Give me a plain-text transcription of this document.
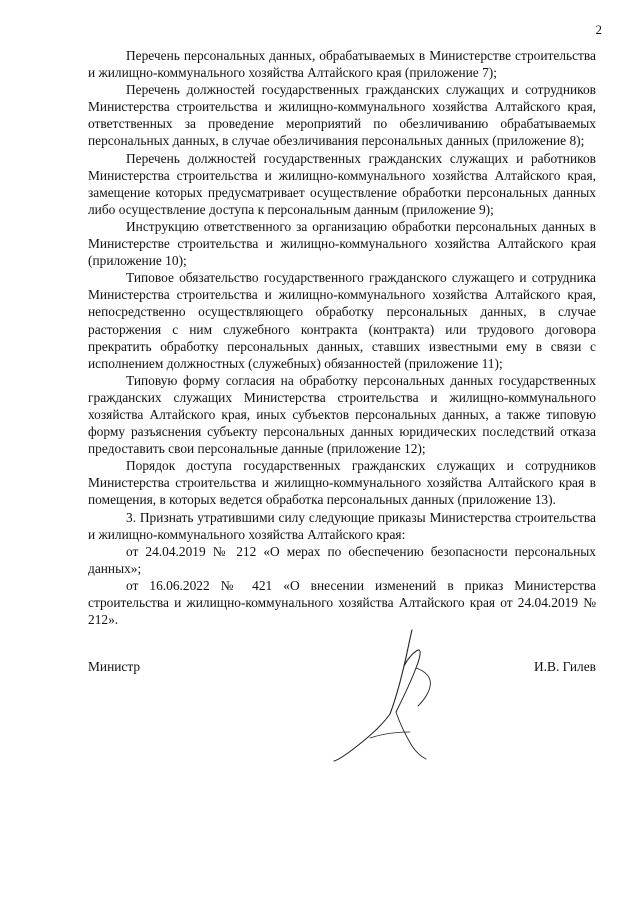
2

Перечень персональных данных, обрабатываемых в Министерстве строительства и жилищно-коммунального хозяйства Алтайского края (приложение 7);

Перечень должностей государственных гражданских служащих и сотрудников Министерства строительства и жилищно-коммунального хозяйства Алтайского края, ответственных за проведение мероприятий по обезличиванию обрабатываемых персональных данных, в случае обезличивания персональных данных (приложение 8);

Перечень должностей государственных гражданских служащих и работников Министерства строительства и жилищно-коммунального хозяйства Алтайского края, замещение которых предусматривает осуществление обработки персональных данных либо осуществление доступа к персональным данным (приложение 9);

Инструкцию ответственного за организацию обработки персональных данных в Министерстве строительства и жилищно-коммунального хозяйства Алтайского края (приложение 10);

Типовое обязательство государственного гражданского служащего и сотрудника Министерства строительства и жилищно-коммунального хозяйства Алтайского края, непосредственно осуществляющего обработку персональных данных, в случае расторжения с ним служебного контракта (контракта) или трудового договора прекратить обработку персональных данных, ставших известными ему в связи с исполнением должностных (служебных) обязанностей (приложение 11);

Типовую форму согласия на обработку персональных данных государственных гражданских служащих Министерства строительства и жилищно-коммунального хозяйства Алтайского края, иных субъектов персональных данных, а также типовую форму разъяснения субъекту персональных данных юридических последствий отказа предоставить свои персональные данные (приложение 12);

Порядок доступа государственных гражданских служащих и сотрудников Министерства строительства и жилищно-коммунального хозяйства Алтайского края в помещения, в которых ведется обработка персональных данных (приложение 13).

3. Признать утратившими силу следующие приказы Министерства строительства и жилищно-коммунального хозяйства Алтайского края:

от 24.04.2019 № 212 «О мерах по обеспечению безопасности персональных данных»;

от 16.06.2022 № 421 «О внесении изменений в приказ Министерства строительства и жилищно-коммунального хозяйства Алтайского края от 24.04.2019 № 212».

Министр	И.В. Гилев
